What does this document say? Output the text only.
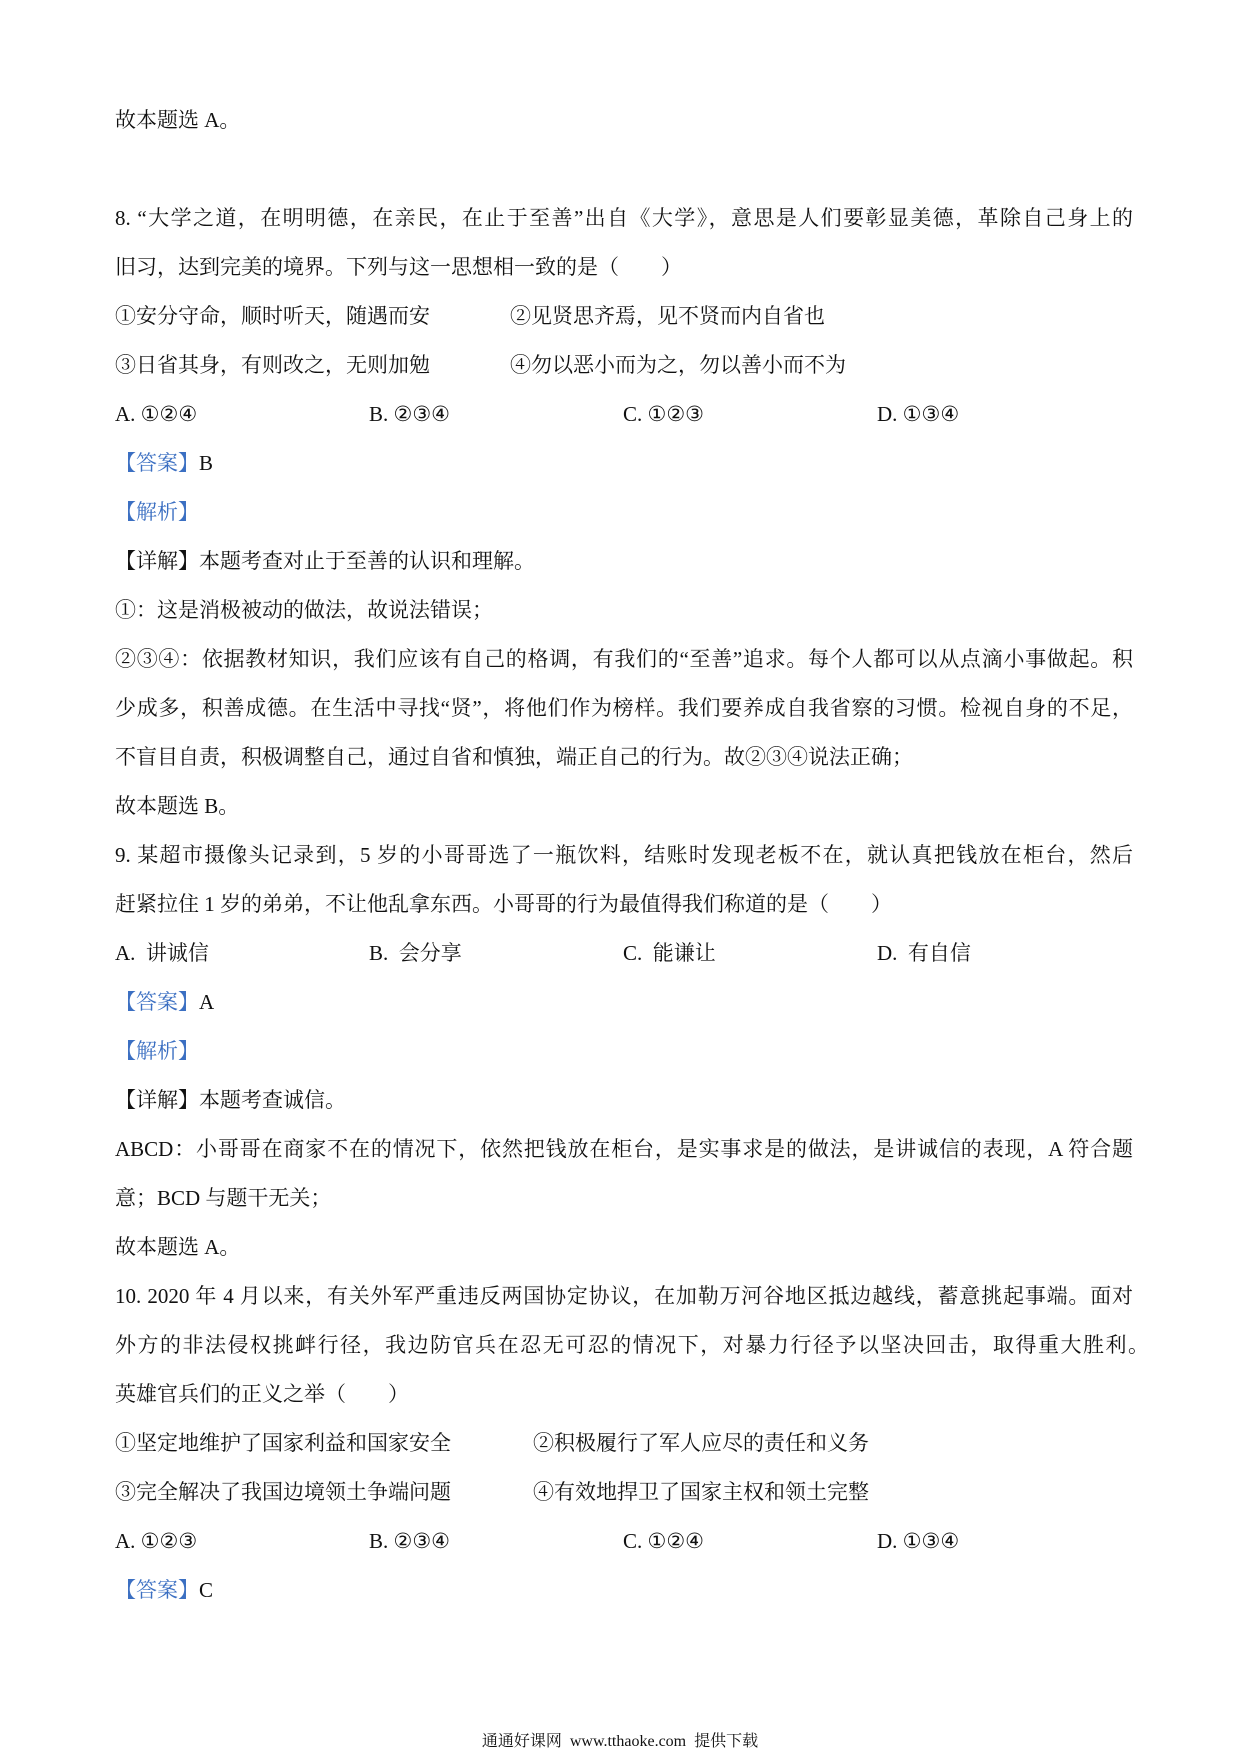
故本题选 A。

8. “大学之道，在明明德，在亲民，在止于至善”出自《大学》，意思是人们要彰显美德，革除自己身上的

旧习，达到完美的境界。下列与这一思想相一致的是（　　）

①安分守命，顺时听天，随遇而安	②见贤思齐焉，见不贤而内自省也
③日省其身，有则改之，无则加勉	④勿以恶小而为之，勿以善小而不为
A. ①②④	B. ②③④	C. ①②③	D. ①③④

【答案】B

【解析】

【详解】本题考查对止于至善的认识和理解。

①：这是消极被动的做法，故说法错误；

②③④：依据教材知识，我们应该有自己的格调，有我们的“至善”追求。每个人都可以从点滴小事做起。积

少成多，积善成德。在生活中寻找“贤”，将他们作为榜样。我们要养成自我省察的习惯。检视自身的不足，

不盲目自责，积极调整自己，通过自省和慎独，端正自己的行为。故②③④说法正确；

故本题选 B。

9. 某超市摄像头记录到，5 岁的小哥哥选了一瓶饮料，结账时发现老板不在，就认真把钱放在柜台，然后

赶紧拉住 1 岁的弟弟，不让他乱拿东西。小哥哥的行为最值得我们称道的是（　　）

A.  讲诚信	B.  会分享	C.  能谦让	D.  有自信

【答案】A

【解析】

【详解】本题考查诚信。

ABCD：小哥哥在商家不在的情况下，依然把钱放在柜台，是实事求是的做法，是讲诚信的表现，A 符合题

意；BCD 与题干无关；

故本题选 A。

10. 2020 年 4 月以来，有关外军严重违反两国协定协议，在加勒万河谷地区抵边越线，蓄意挑起事端。面对

外方的非法侵权挑衅行径，我边防官兵在忍无可忍的情况下，对暴力行径予以坚决回击，取得重大胜利。

英雄官兵们的正义之举（　　）

①坚定地维护了国家利益和国家安全	②积极履行了军人应尽的责任和义务
③完全解决了我国边境领土争端问题	④有效地捍卫了国家主权和领土完整
A. ①②③	B. ②③④	C. ①②④	D. ①③④

【答案】C

通通好课网  www.tthaoke.com  提供下载
